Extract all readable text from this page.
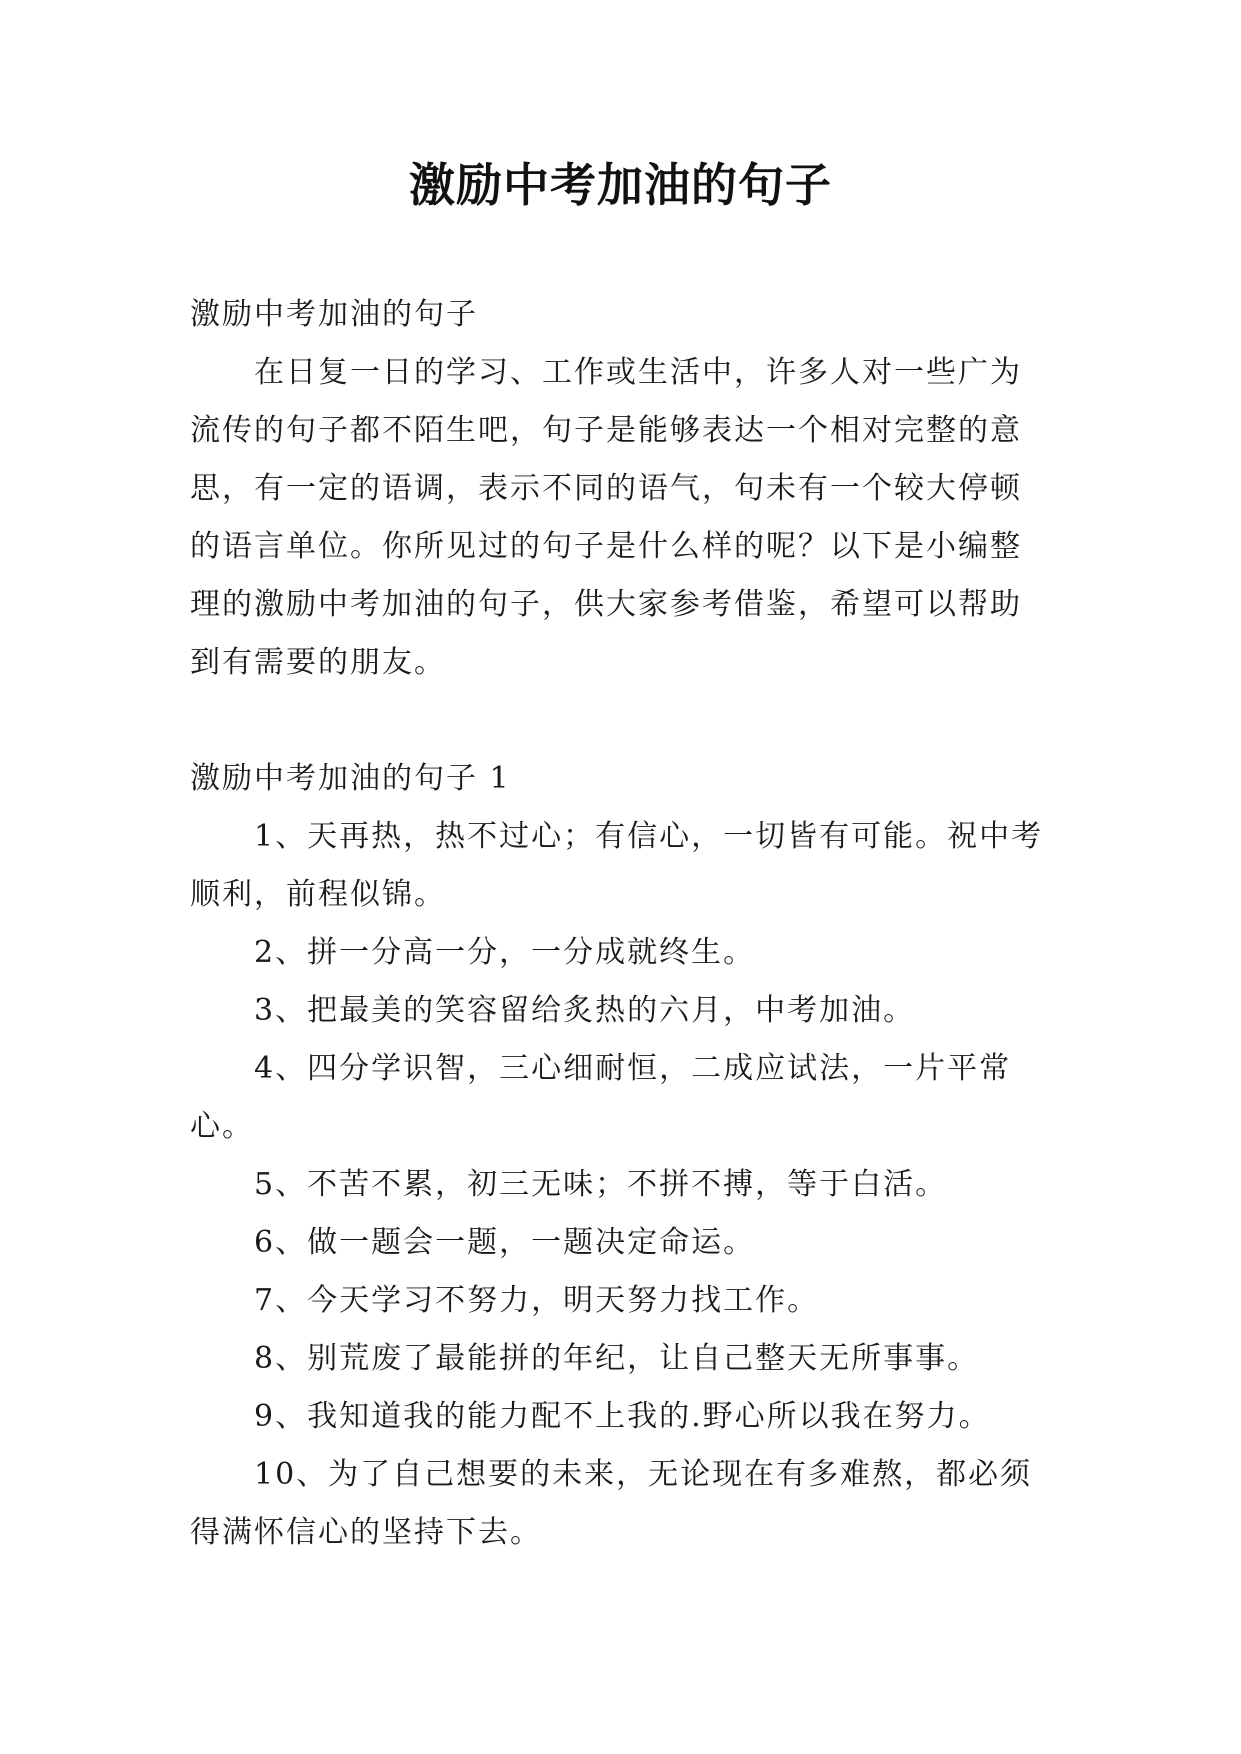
激励中考加油的句子

激励中考加油的句子

在日复一日的学习、工作或生活中，许多人对一些广为流传的句子都不陌生吧，句子是能够表达一个相对完整的意思，有一定的语调，表示不同的语气，句未有一个较大停顿的语言单位。你所见过的句子是什么样的呢？以下是小编整理的激励中考加油的句子，供大家参考借鉴，希望可以帮助到有需要的朋友。

激励中考加油的句子 1

1、天再热，热不过心；有信心，一切皆有可能。祝中考顺利，前程似锦。

2、拼一分高一分，一分成就终生。

3、把最美的笑容留给炙热的六月，中考加油。

4、四分学识智，三心细耐恒，二成应试法，一片平常心。

5、不苦不累，初三无味；不拼不搏，等于白活。

6、做一题会一题，一题决定命运。

7、今天学习不努力，明天努力找工作。

8、别荒废了最能拼的年纪，让自己整天无所事事。

9、我知道我的能力配不上我的.野心所以我在努力。

10、为了自己想要的未来，无论现在有多难熬，都必须得满怀信心的坚持下去。
